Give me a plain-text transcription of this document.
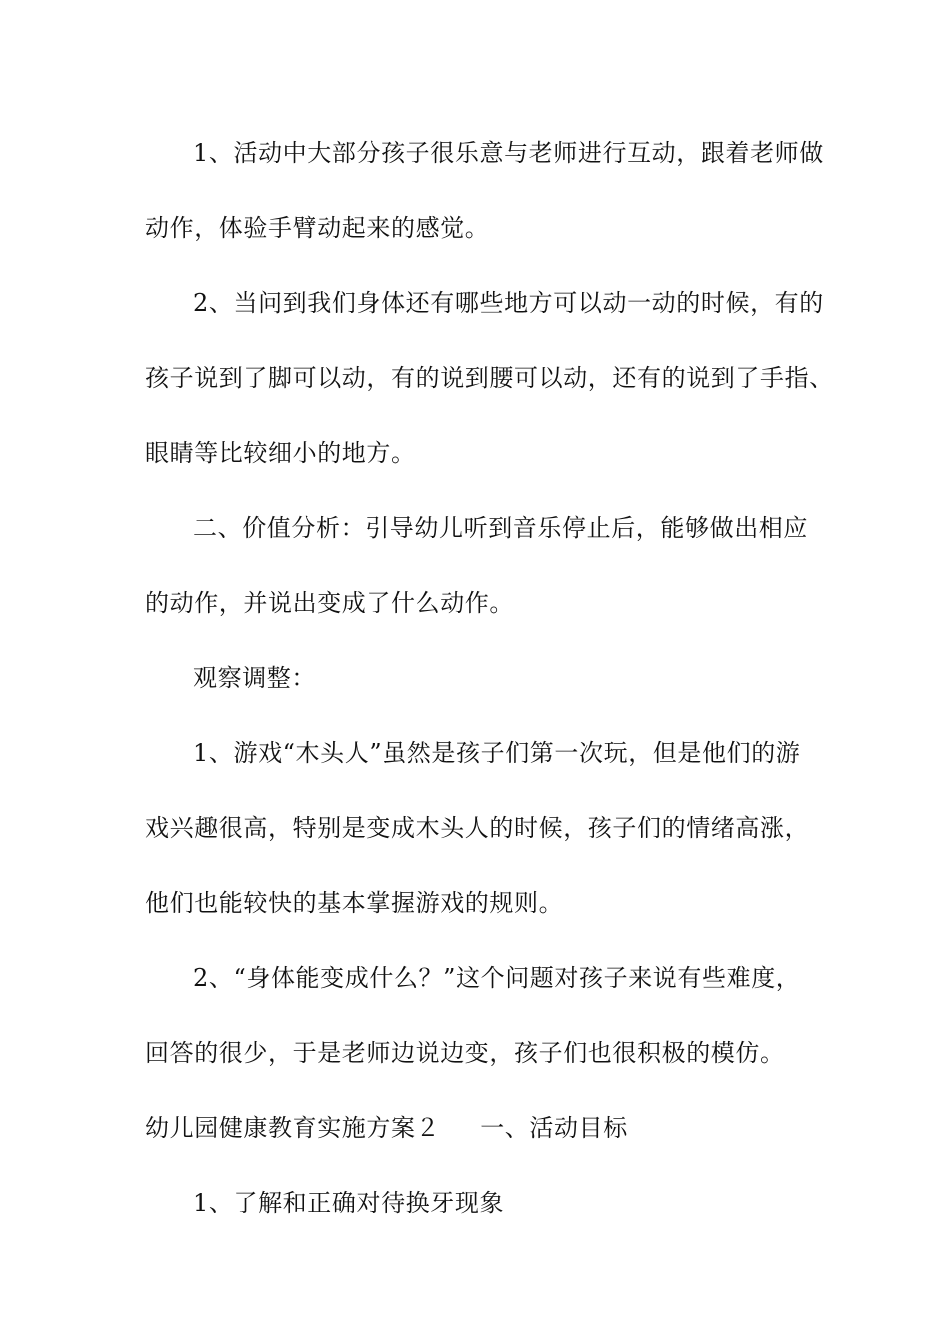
1、活动中大部分孩子很乐意与老师进行互动，跟着老师做
动作，体验手臂动起来的感觉。
2、当问到我们身体还有哪些地方可以动一动的时候，有的
孩子说到了脚可以动，有的说到腰可以动，还有的说到了手指、
眼睛等比较细小的地方。
二、价值分析：引导幼儿听到音乐停止后，能够做出相应
的动作，并说出变成了什么动作。
观察调整：
1、游戏“木头人”虽然是孩子们第一次玩，但是他们的游
戏兴趣很高，特别是变成木头人的时候，孩子们的情绪高涨，
他们也能较快的基本掌握游戏的规则。
2、“身体能变成什么？”这个问题对孩子来说有些难度，
回答的很少，于是老师边说边变，孩子们也很积极的模仿。
幼儿园健康教育实施方案２ 一、活动目标
1、了解和正确对待换牙现象
